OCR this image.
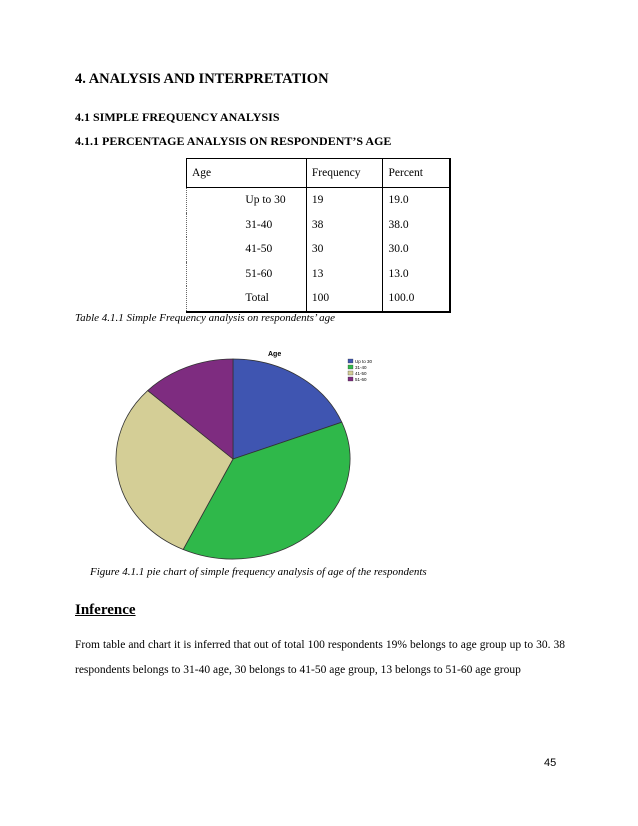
4. ANALYSIS AND INTERPRETATION
4.1 SIMPLE FREQUENCY ANALYSIS
4.1.1 PERCENTAGE ANALYSIS ON RESPONDENT’S AGE
Age		Frequency	Percent
	Up to 30	19	19.0
	31-40	38	38.0
	41-50	30	30.0
	51-60	13	13.0
	Total	100	100.0
Table 4.1.1 Simple Frequency analysis on respondents’ age
Age
Up to 30
31-40
41-50
51-60
Figure 4.1.1 pie chart of simple frequency analysis of age of the respondents
Inference
From table and chart it is inferred that out of total 100 respondents 19% belongs to age group up to 30. 38 respondents belongs to 31-40 age, 30 belongs to 41-50 age group, 13 belongs to 51-60 age group
45
